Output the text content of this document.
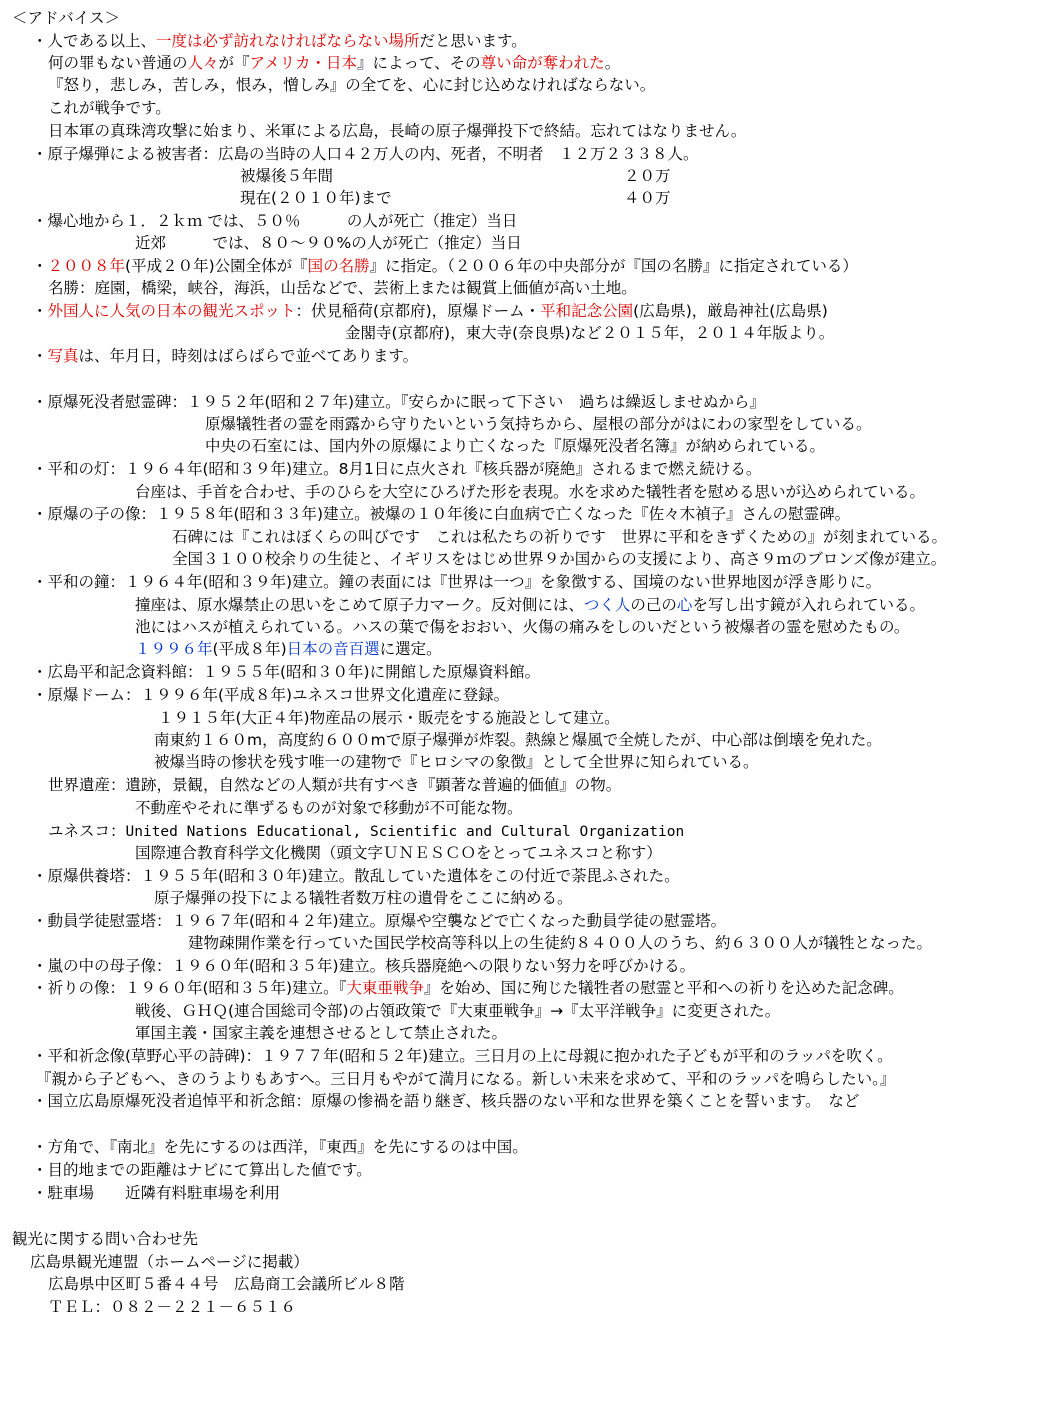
＜アドバイス＞
・人である以上、一度は必ず訪れなければならない場所だと思います。
何の罪もない普通の人々が『アメリカ・日本』によって、その尊い命が奪われた。
『怒り，悲しみ，苦しみ，恨み，憎しみ』の全てを、心に封じ込めなければならない。
これが戦争です。
日本軍の真珠湾攻撃に始まり、米軍による広島，長崎の原子爆弾投下で終結。忘れてはなりません。
・原子爆弾による被害者：広島の当時の人口４２万人の内、死者，不明者　１２万２３３８人。
被爆後５年間	２０万
現在(２０１０年)まで	４０万
・爆心地から１．２ｋｍ では、５０％　　　の人が死亡（推定）当日
近郊　　　では、８０～９０%の人が死亡（推定）当日
・２００８年(平成２０年)公園全体が『国の名勝』に指定。（２００６年の中央部分が『国の名勝』に指定されている）
名勝：庭園，橋梁，峡谷，海浜，山岳などで、芸術上または観賞上価値が高い土地。
・外国人に人気の日本の観光スポット：伏見稲荷(京都府)，原爆ドーム・平和記念公園(広島県)，厳島神社(広島県)
金閣寺(京都府)，東大寺(奈良県)など２０１５年，２０１４年版より。
・写真は、年月日，時刻はばらばらで並べてあります。
・原爆死没者慰霊碑：１９５２年(昭和２７年)建立。『安らかに眠って下さい　過ちは繰返しませぬから』
原爆犠牲者の霊を雨露から守りたいという気持ちから、屋根の部分がはにわの家型をしている。
中央の石室には、国内外の原爆により亡くなった『原爆死没者名簿』が納められている。
・平和の灯：１９６４年(昭和３９年)建立。8月1日に点火され『核兵器が廃絶』されるまで燃え続ける。
台座は、手首を合わせ、手のひらを大空にひろげた形を表現。水を求めた犠牲者を慰める思いが込められている。
・原爆の子の像：１９５８年(昭和３３年)建立。被爆の１０年後に白血病で亡くなった『佐々木禎子』さんの慰霊碑。
石碑には『これはぼくらの叫びです　これは私たちの祈りです　世界に平和をきずくための』が刻まれている。
全国３１００校余りの生徒と、イギリスをはじめ世界９か国からの支援により、高さ９ｍのブロンズ像が建立。
・平和の鐘：１９６４年(昭和３９年)建立。鐘の表面には『世界は一つ』を象徴する、国境のない世界地図が浮き彫りに。
撞座は、原水爆禁止の思いをこめて原子力マーク。反対側には、つく人の己の心を写し出す鏡が入れられている。
池にはハスが植えられている。ハスの葉で傷をおおい、火傷の痛みをしのいだという被爆者の霊を慰めたもの。
１９９６年(平成８年)日本の音百選に選定。
・広島平和記念資料館：１９５５年(昭和３０年)に開館した原爆資料館。
・原爆ドーム：１９９６年(平成８年)ユネスコ世界文化遺産に登録。
１９１５年(大正４年)物産品の展示・販売をする施設として建立。
南東約１６０m，高度約６００mで原子爆弾が炸裂。熱線と爆風で全焼したが、中心部は倒壊を免れた。
被爆当時の惨状を残す唯一の建物で『ヒロシマの象徴』として全世界に知られている。
世界遺産：遺跡，景観，自然などの人類が共有すべき『顕著な普遍的価値』の物。
不動産やそれに準ずるものが対象で移動が不可能な物。
ユネスコ：United Nations Educational, Scientific and Cultural Organization
国際連合教育科学文化機関（頭文字ＵＮＥＳＣＯをとってユネスコと称す）
・原爆供養塔：１９５５年(昭和３０年)建立。散乱していた遺体をこの付近で荼毘ふされた。
原子爆弾の投下による犠牲者数万柱の遺骨をここに納める。
・動員学徒慰霊塔：１９６７年(昭和４２年)建立。原爆や空襲などで亡くなった動員学徒の慰霊塔。
建物疎開作業を行っていた国民学校高等科以上の生徒約８４００人のうち、約６３００人が犠牲となった。
・嵐の中の母子像：１９６０年(昭和３５年)建立。核兵器廃絶への限りない努力を呼びかける。
・祈りの像：１９６０年(昭和３５年)建立。『大東亜戦争』を始め、国に殉じた犠牲者の慰霊と平和への祈りを込めた記念碑。
戦後、ＧＨＱ(連合国総司令部)の占領政策で『大東亜戦争』→『太平洋戦争』に変更された。
軍国主義・国家主義を連想させるとして禁止された。
・平和祈念像(草野心平の詩碑)：１９７７年(昭和５２年)建立。三日月の上に母親に抱かれた子どもが平和のラッパを吹く。
『親から子どもへ、きのうよりもあすへ。三日月もやがて満月になる。新しい未来を求めて、平和のラッパを鳴らしたい。』
・国立広島原爆死没者追悼平和祈念館：原爆の惨禍を語り継ぎ、核兵器のない平和な世界を築くことを誓います。　など
・方角で、『南北』を先にするのは西洋，『東西』を先にするのは中国。
・目的地までの距離はナビにて算出した値です。
・駐車場　　近隣有料駐車場を利用
観光に関する問い合わせ先
広島県観光連盟（ホームページに掲載）
広島県中区町５番４４号　広島商工会議所ビル８階
ＴＥＬ：０８２－２２１－６５１６
